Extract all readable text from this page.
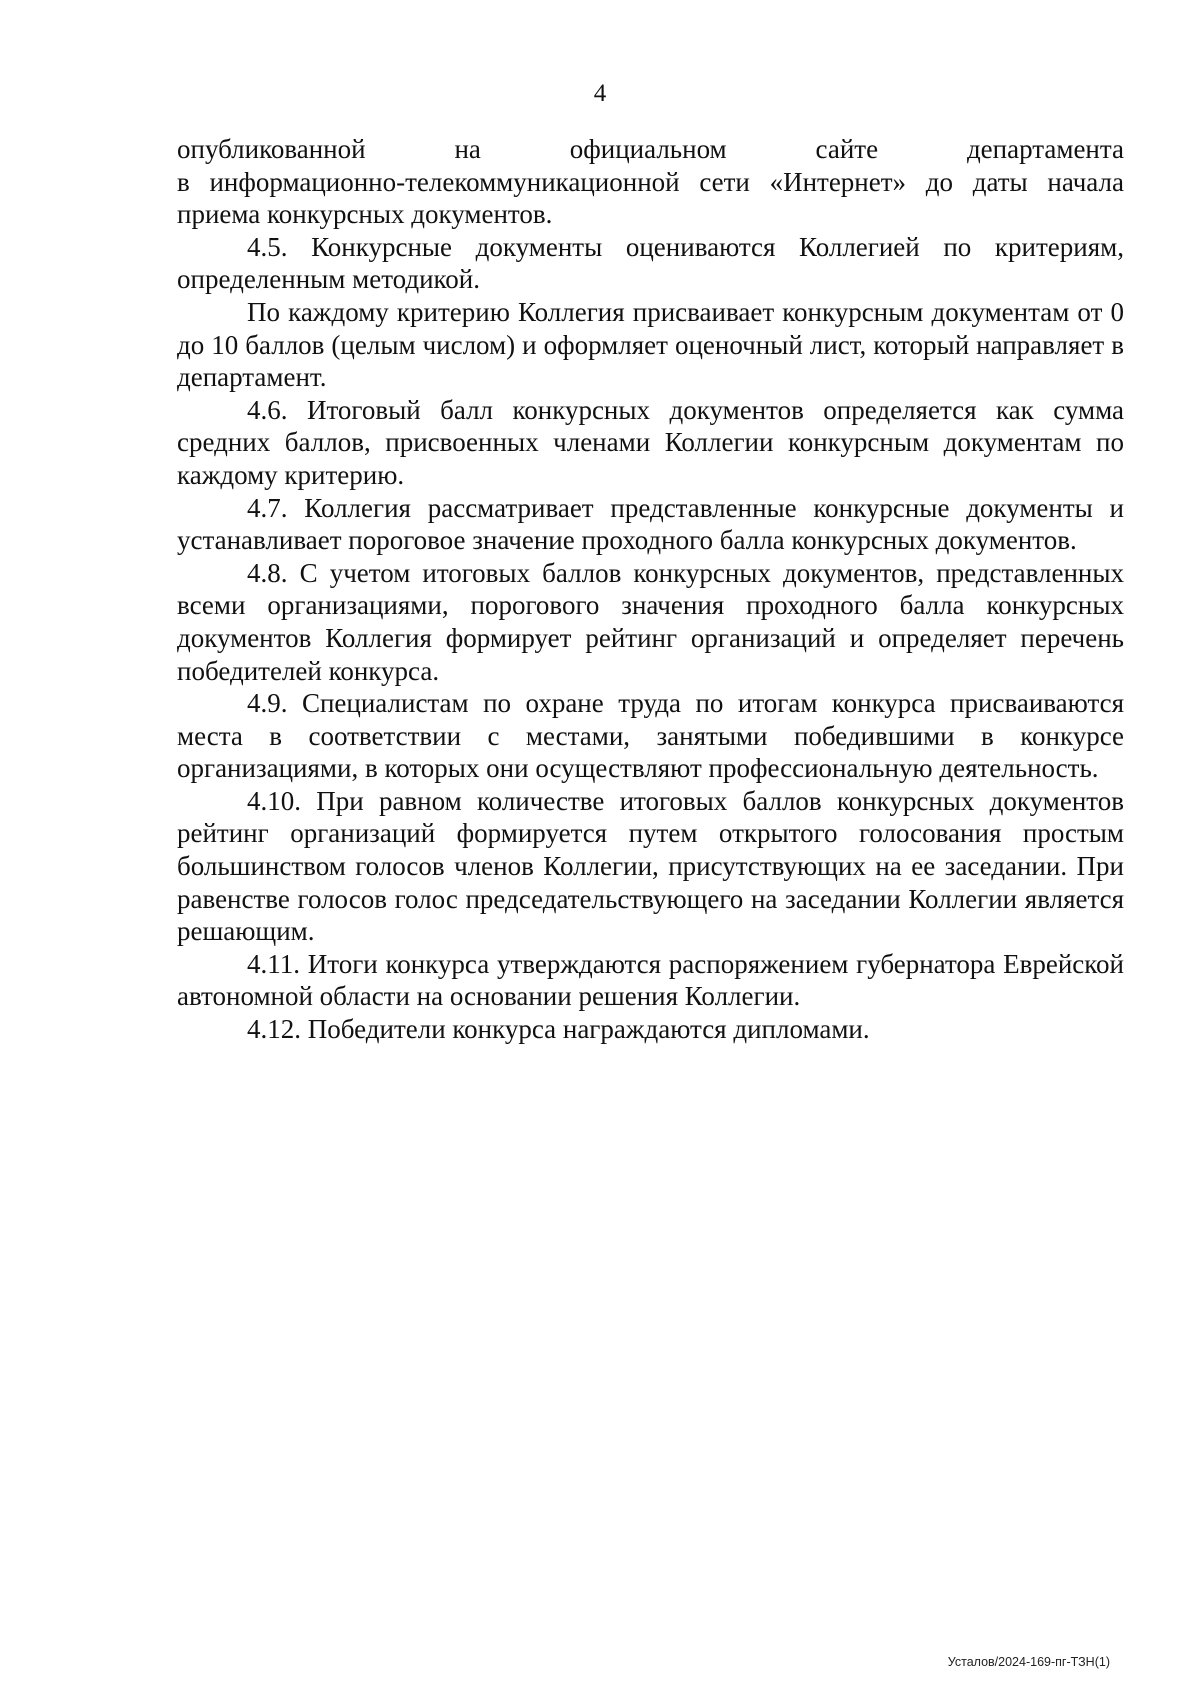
4

опубликованной на официальном сайте департамента

в информационно-телекоммуникационной сети «Интернет» до даты начала приема конкурсных документов.

4.5. Конкурсные документы оцениваются Коллегией по критериям, определенным методикой.

По каждому критерию Коллегия присваивает конкурсным документам от 0 до 10 баллов (целым числом) и оформляет оценочный лист, который направляет в департамент.

4.6. Итоговый балл конкурсных документов определяется как сумма средних баллов, присвоенных членами Коллегии конкурсным документам по каждому критерию.

4.7. Коллегия рассматривает представленные конкурсные документы и устанавливает пороговое значение проходного балла конкурсных документов.

4.8. С учетом итоговых баллов конкурсных документов, представленных всеми организациями, порогового значения проходного балла конкурсных документов Коллегия формирует рейтинг организаций и определяет перечень победителей конкурса.

4.9. Специалистам по охране труда по итогам конкурса присваиваются места в соответствии с местами, занятыми победившими в конкурсе организациями, в которых они осуществляют профессиональную деятельность.

4.10. При равном количестве итоговых баллов конкурсных документов рейтинг организаций формируется путем открытого голосования простым большинством голосов членов Коллегии, присутствующих на ее заседании. При равенстве голосов голос председательствующего на заседании Коллегии является решающим.

4.11. Итоги конкурса утверждаются распоряжением губернатора Еврейской автономной области на основании решения Коллегии.

4.12. Победители конкурса награждаются дипломами.

Усталов/2024-169-пг-ТЗН(1)
